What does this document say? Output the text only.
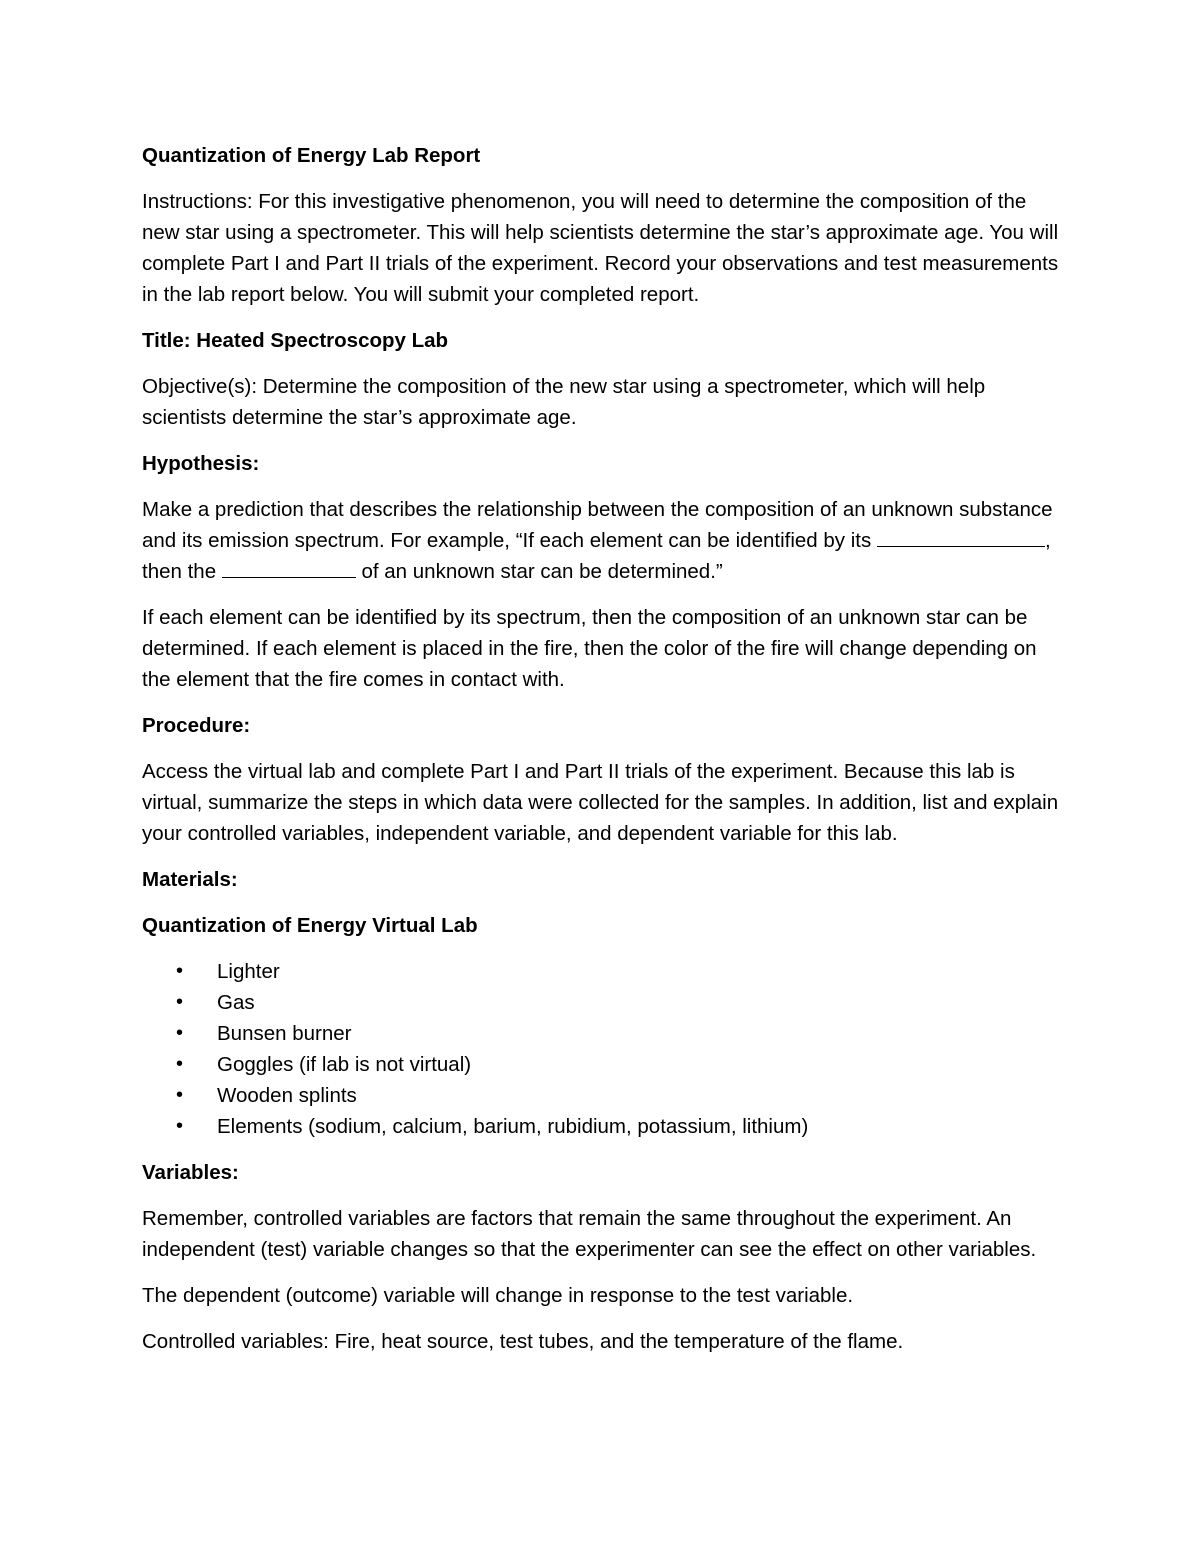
Quantization of Energy Lab Report
Instructions: For this investigative phenomenon, you will need to determine the composition of the new star using a spectrometer. This will help scientists determine the star’s approximate age. You will complete Part I and Part II trials of the experiment. Record your observations and test measurements in the lab report below. You will submit your completed report.
Title: Heated Spectroscopy Lab
Objective(s): Determine the composition of the new star using a spectrometer, which will help scientists determine the star’s approximate age.
Hypothesis:
Make a prediction that describes the relationship between the composition of an unknown substance and its emission spectrum. For example, “If each element can be identified by its	, then the	of an unknown star can be determined.”
If each element can be identified by its spectrum, then the composition of an unknown star can be determined. If each element is placed in the fire, then the color of the fire will change depending on the element that the fire comes in contact with.
Procedure:
Access the virtual lab and complete Part I and Part II trials of the experiment. Because this lab is virtual, summarize the steps in which data were collected for the samples. In addition, list and explain your controlled variables, independent variable, and dependent variable for this lab.
Materials:
Quantization of Energy Virtual Lab
• Lighter
• Gas
• Bunsen burner
• Goggles (if lab is not virtual)
• Wooden splints
• Elements (sodium, calcium, barium, rubidium, potassium, lithium)
Variables:
Remember, controlled variables are factors that remain the same throughout the experiment. An independent (test) variable changes so that the experimenter can see the effect on other variables.
The dependent (outcome) variable will change in response to the test variable.
Controlled variables: Fire, heat source, test tubes, and the temperature of the flame.
